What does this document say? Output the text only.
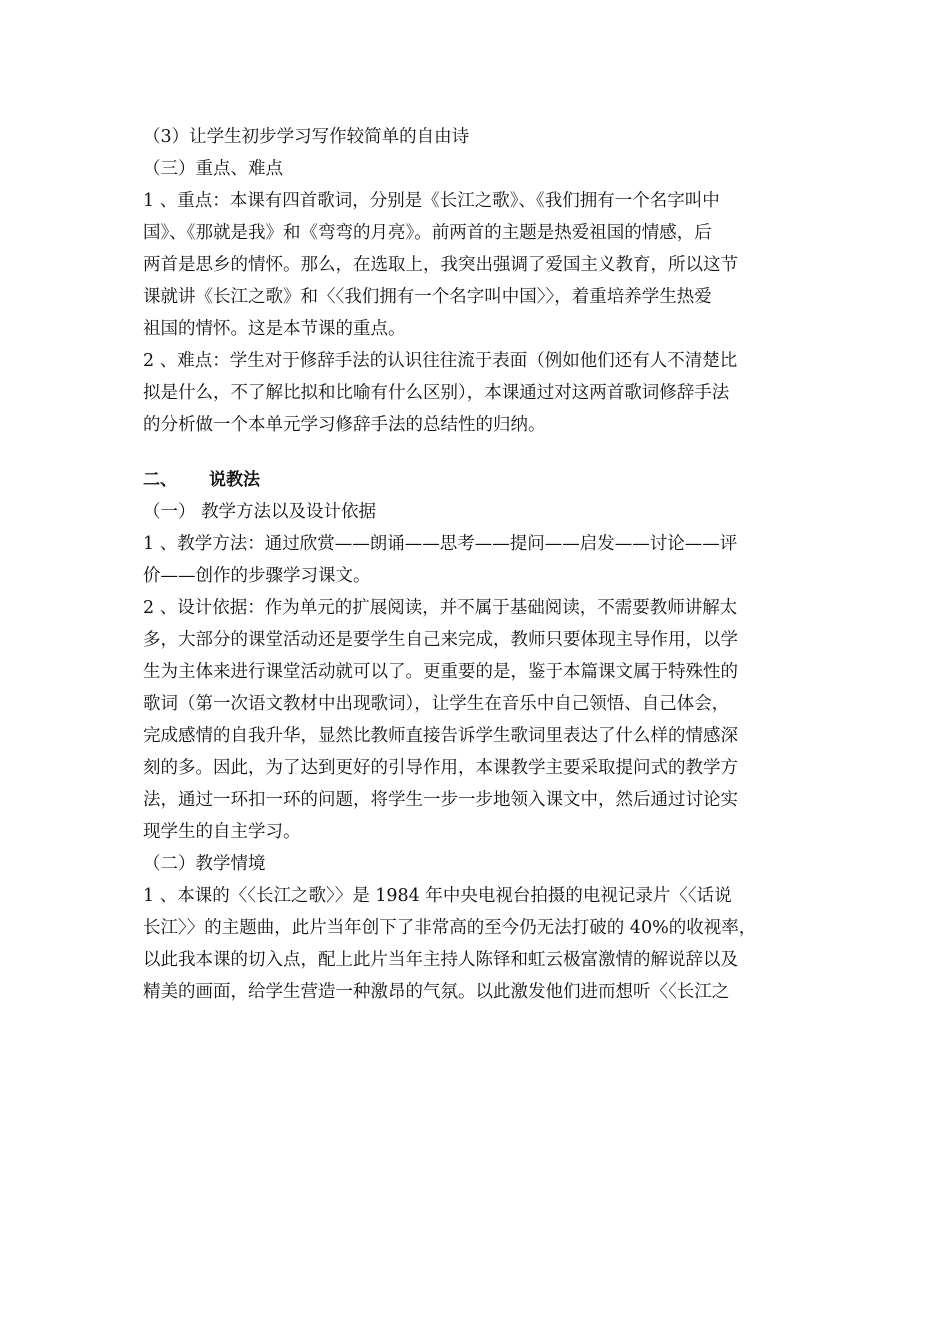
（3）让学生初步学习写作较简单的自由诗
（三）重点、难点
1 、重点：本课有四首歌词，分别是《长江之歌》、《我们拥有一个名字叫中
国》、《那就是我》和《弯弯的月亮》。前两首的主题是热爱祖国的情感，后
两首是思乡的情怀。那么，在选取上，我突出强调了爱国主义教育，所以这节
课就讲《长江之歌》和〈〈我们拥有一个名字叫中国〉〉，着重培养学生热爱
祖国的情怀。这是本节课的重点。
2 、难点：学生对于修辞手法的认识往往流于表面（例如他们还有人不清楚比
拟是什么，不了解比拟和比喻有什么区别），本课通过对这两首歌词修辞手法
的分析做一个本单元学习修辞手法的总结性的归纳。
二、 说教法
（一） 教学方法以及设计依据
1 、教学方法：通过欣赏——朗诵——思考——提问——启发——讨论——评
价——创作的步骤学习课文。
2 、设计依据：作为单元的扩展阅读，并不属于基础阅读，不需要教师讲解太
多，大部分的课堂活动还是要学生自己来完成，教师只要体现主导作用，以学
生为主体来进行课堂活动就可以了。更重要的是，鉴于本篇课文属于特殊性的
歌词（第一次语文教材中出现歌词），让学生在音乐中自己领悟、自己体会，
完成感情的自我升华，显然比教师直接告诉学生歌词里表达了什么样的情感深
刻的多。因此，为了达到更好的引导作用，本课教学主要采取提问式的教学方
法，通过一环扣一环的问题，将学生一步一步地领入课文中，然后通过讨论实
现学生的自主学习。
（二）教学情境
1 、本课的〈〈长江之歌〉〉是 1984 年中央电视台拍摄的电视记录片〈〈话说
长江〉〉的主题曲，此片当年创下了非常高的至今仍无法打破的 40%的收视率，
以此我本课的切入点，配上此片当年主持人陈铎和虹云极富激情的解说辞以及
精美的画面，给学生营造一种激昂的气氛。以此激发他们进而想听〈〈长江之
